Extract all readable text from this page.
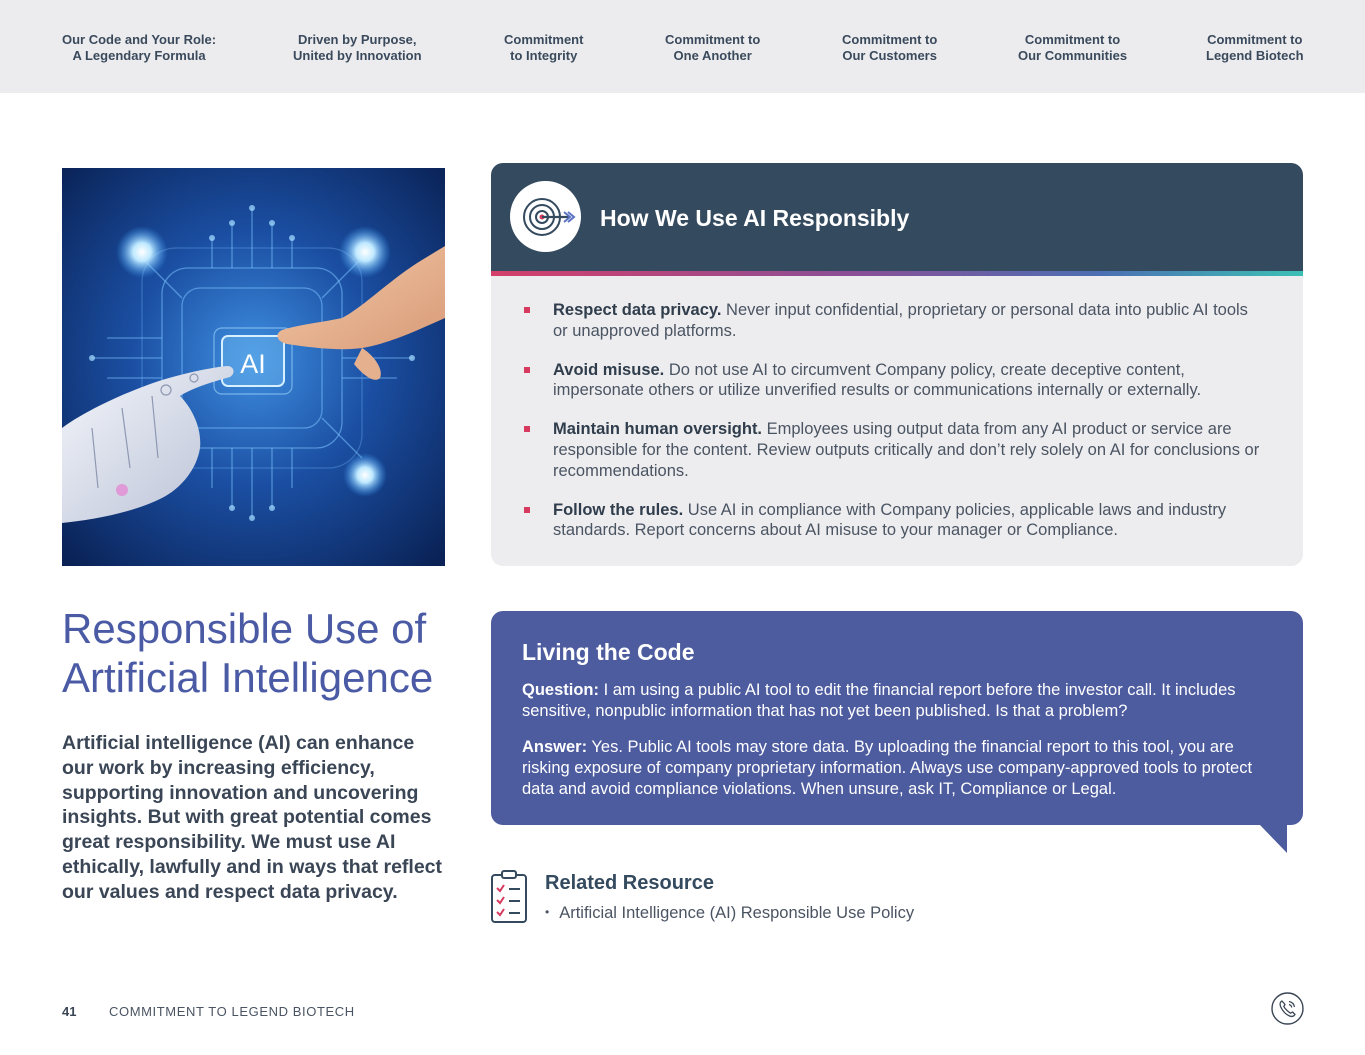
Our Code and Your Role:
A Legendary Formula
Driven by Purpose,
United by Innovation
Commitment
to Integrity
Commitment to
One Another
Commitment to
Our Customers
Commitment to
Our Communities
Commitment to
Legend Biotech
AI
Responsible Use of
Artificial Intelligence

Artificial intelligence (AI) can enhance our work by increasing efficiency, supporting innovation and uncovering insights. But with great potential comes great responsibility. We must use AI ethically, lawfully and in ways that reflect our values and respect data privacy.

How We Use AI Responsibly
Respect data privacy. Never input confidential, proprietary or personal data into public AI tools or unapproved platforms.
Avoid misuse. Do not use AI to circumvent Company policy, create deceptive content, impersonate others or utilize unverified results or communications internally or externally.
Maintain human oversight. Employees using output data from any AI product or service are responsible for the content. Review outputs critically and don’t rely solely on AI for conclusions or recommendations.
Follow the rules. Use AI in compliance with Company policies, applicable laws and industry standards. Report concerns about AI misuse to your manager or Compliance.
Living the Code

Question: I am using a public AI tool to edit the financial report before the investor call. It includes sensitive, nonpublic information that has not yet been published. Is that a problem?

Answer: Yes. Public AI tools may store data. By uploading the financial report to this tool, you are risking exposure of company proprietary information. Always use company-approved tools to protect data and avoid compliance violations. When unsure, ask IT, Compliance or Legal.

Related Resource
• Artificial Intelligence (AI) Responsible Use Policy
41	COMMITMENT TO LEGEND BIOTECH
